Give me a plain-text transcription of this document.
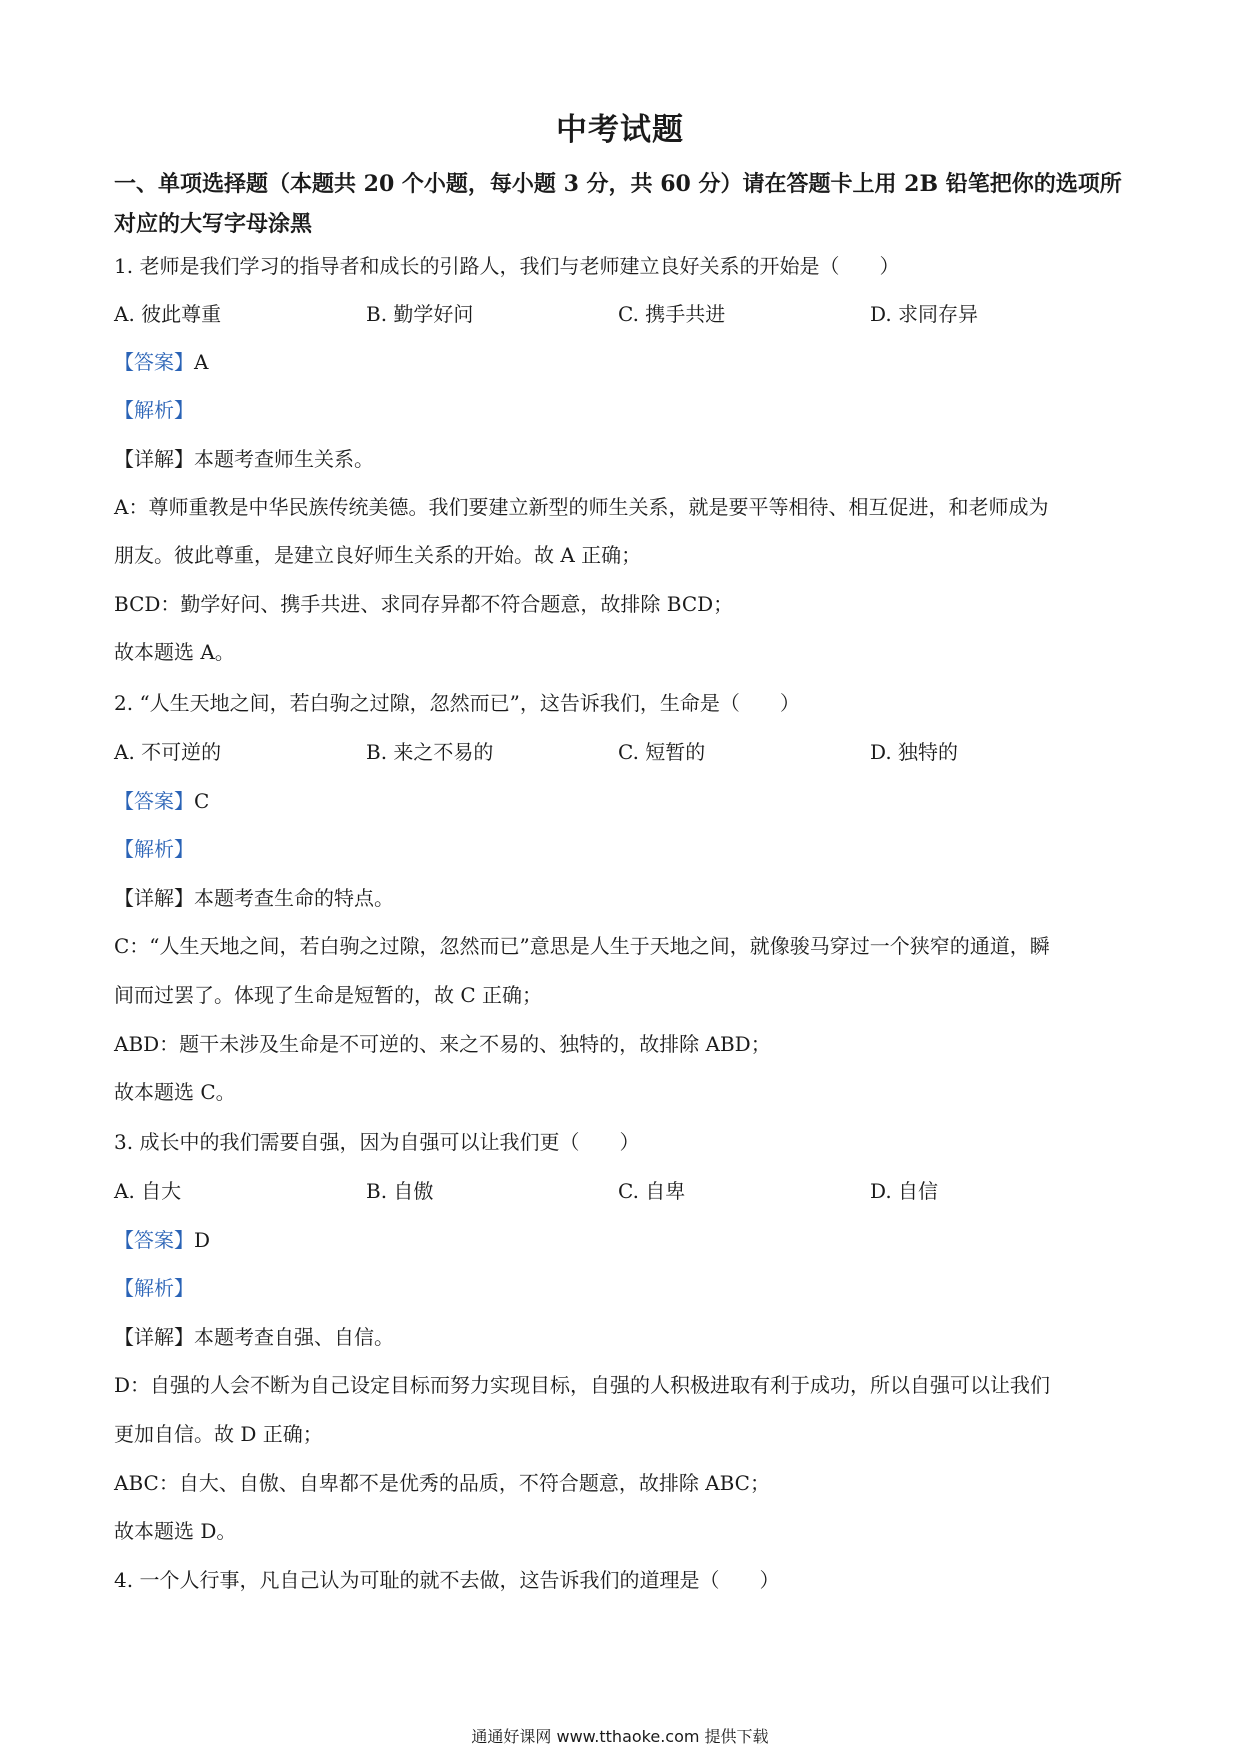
中考试题
一、单项选择题（本题共 20 个小题，每小题 3 分，共 60 分）请在答题卡上用 2B 铅笔把你的选项所对应的大写字母涂黑
1. 老师是我们学习的指导者和成长的引路人，我们与老师建立良好关系的开始是（　　）
A. 彼此尊重	B. 勤学好问	C. 携手共进	D. 求同存异
【答案】A
【解析】
【详解】本题考查师生关系。
A：尊师重教是中华民族传统美德。我们要建立新型的师生关系，就是要平等相待、相互促进，和老师成为
朋友。彼此尊重，是建立良好师生关系的开始。故 A 正确；
BCD：勤学好问、携手共进、求同存异都不符合题意，故排除 BCD；
故本题选 A。
2. “人生天地之间，若白驹之过隙，忽然而已”，这告诉我们，生命是（　　）
A. 不可逆的	B. 来之不易的	C. 短暂的	D. 独特的
【答案】C
【解析】
【详解】本题考查生命的特点。
C：“人生天地之间，若白驹之过隙，忽然而已”意思是人生于天地之间，就像骏马穿过一个狭窄的通道，瞬
间而过罢了。体现了生命是短暂的，故 C 正确；
ABD：题干未涉及生命是不可逆的、来之不易的、独特的，故排除 ABD；
故本题选 C。
3. 成长中的我们需要自强，因为自强可以让我们更（　　）
A. 自大	B. 自傲	C. 自卑	D. 自信
【答案】D
【解析】
【详解】本题考查自强、自信。
D：自强的人会不断为自己设定目标而努力实现目标，自强的人积极进取有利于成功，所以自强可以让我们
更加自信。故 D 正确；
ABC：自大、自傲、自卑都不是优秀的品质，不符合题意，故排除 ABC；
故本题选 D。
4. 一个人行事，凡自己认为可耻的就不去做，这告诉我们的道理是（　　）
通通好课网 www.tthaoke.com 提供下载
